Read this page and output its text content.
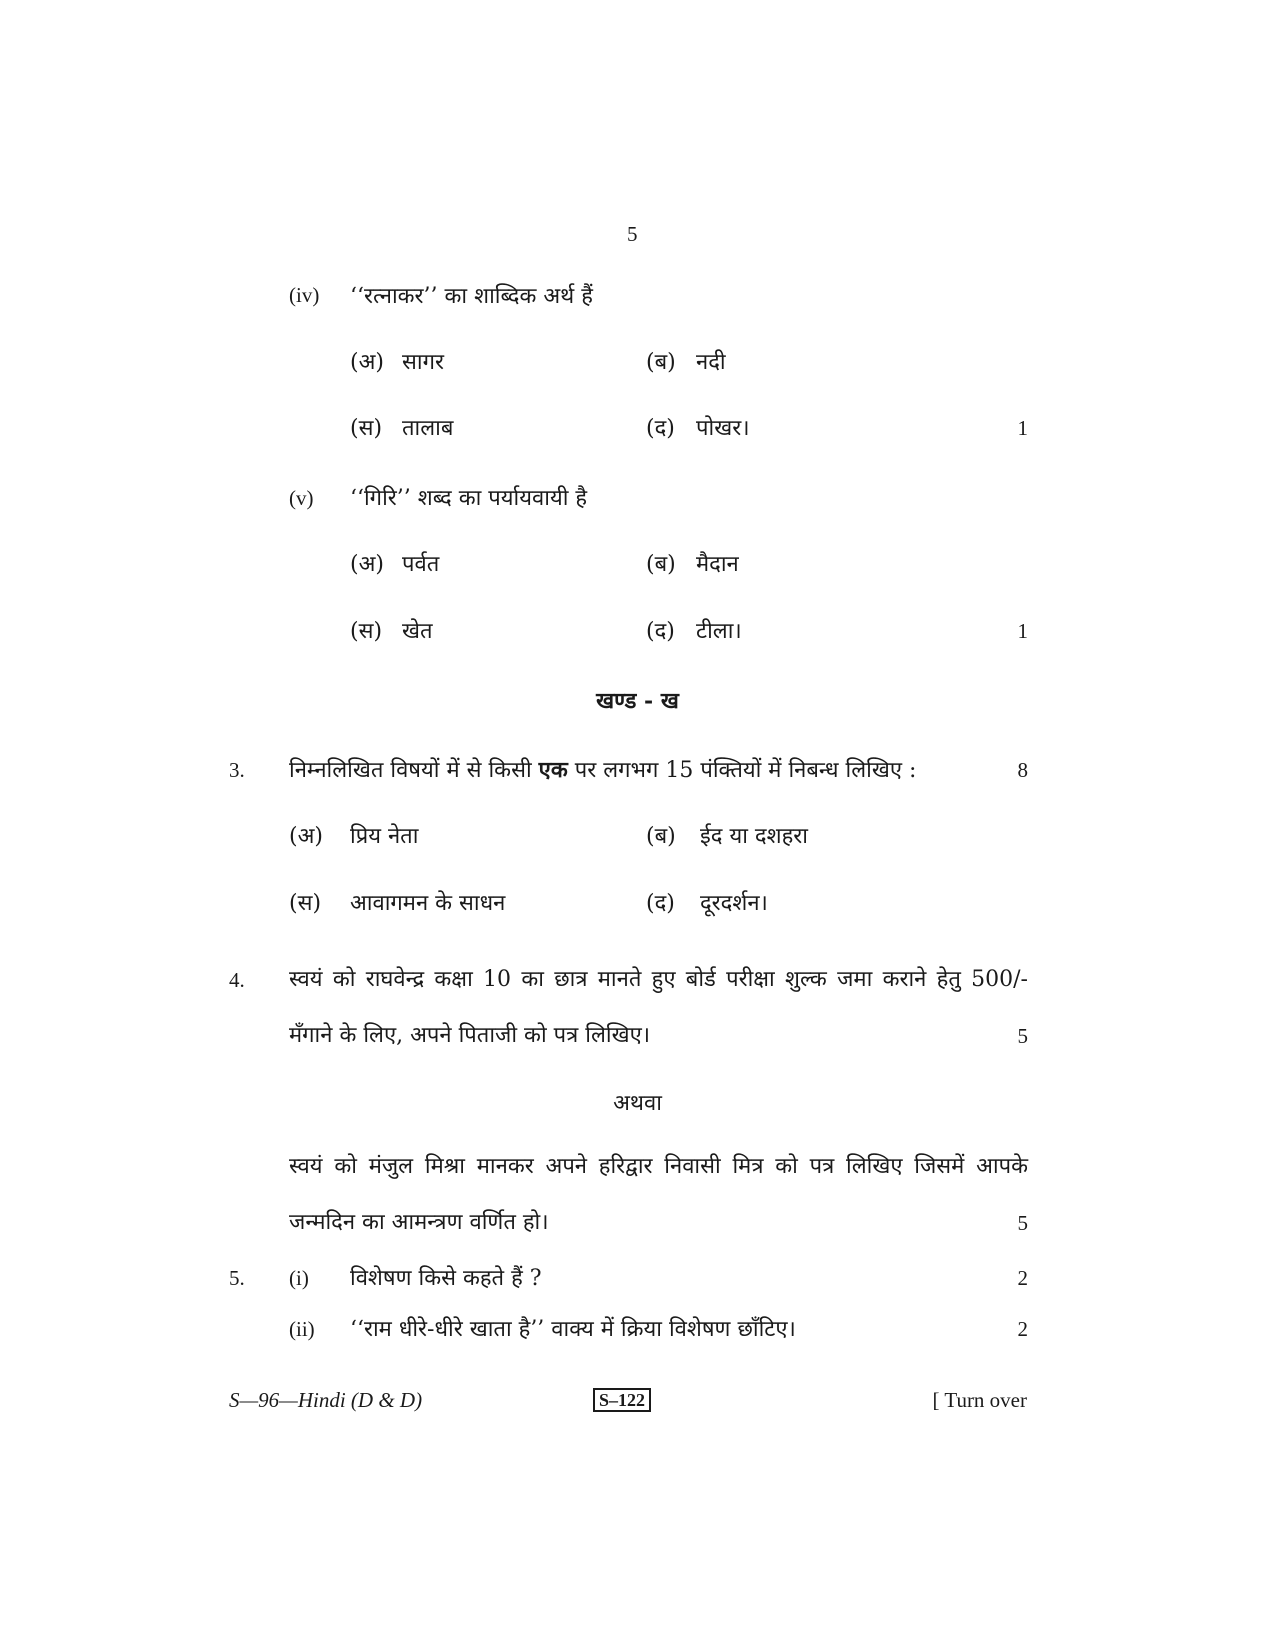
5
(iv) ‘‘रत्नाकर’’ का शाब्दिक अर्थ हैं
(अ) सागर	(ब) नदी
(स) तालाब	(द) पोखर।	1
(v) ‘‘गिरि’’ शब्द का पर्यायवायी है
(अ) पर्वत	(ब) मैदान
(स) खेत	(द) टीला।	1
खण्ड - ख
3. निम्नलिखित विषयों में से किसी एक पर लगभग 15 पंक्तियों में निबन्ध लिखिए :	8
(अ) प्रिय नेता	(ब) ईद या दशहरा
(स) आवागमन के साधन	(द) दूरदर्शन।
4. स्वयं को राघवेन्द्र कक्षा 10 का छात्र मानते हुए बोर्ड परीक्षा शुल्क जमा कराने हेतु 500/-
मँगाने के लिए, अपने पिताजी को पत्र लिखिए।	5
अथवा
स्वयं को मंजुल मिश्रा मानकर अपने हरिद्वार निवासी मित्र को पत्र लिखिए जिसमें आपके
जन्मदिन का आमन्त्रण वर्णित हो।	5
5. (i) विशेषण किसे कहते हैं ?	2
(ii) ‘‘राम धीरे-धीरे खाता है’’ वाक्य में क्रिया विशेषण छाँटिए।	2
S—96—Hindi (D & D)	S–122	[ Turn over
